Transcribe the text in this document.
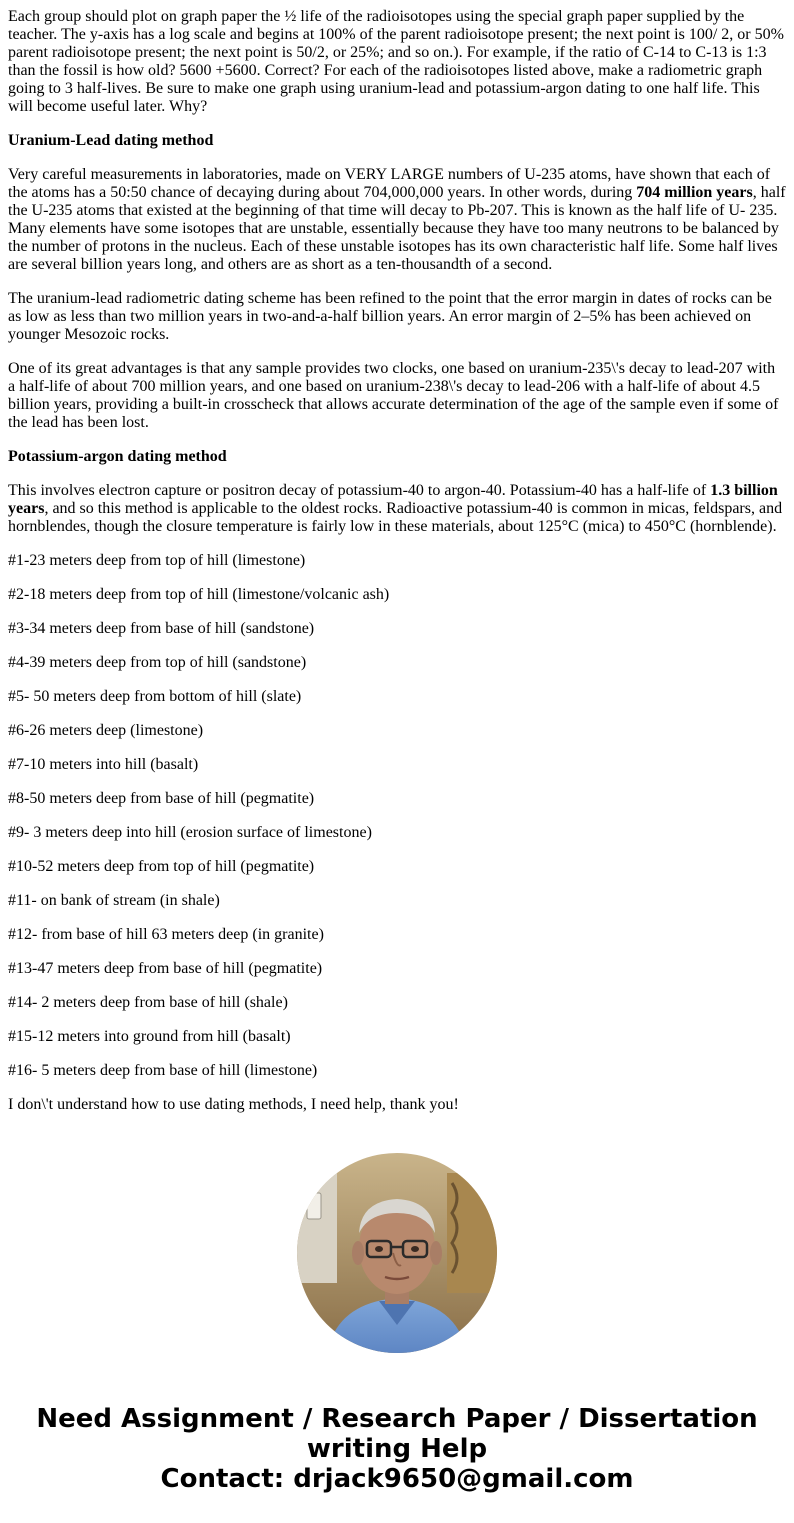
Each group should plot on graph paper the ½ life of the radioisotopes using the special graph paper supplied by the teacher. The y-axis has a log scale and begins at 100% of the parent radioisotope present; the next point is 100/ 2, or 50% parent radioisotope present; the next point is 50/2, or 25%; and so on.). For example, if the ratio of C-14 to C-13 is 1:3 than the fossil is how old? 5600 +5600. Correct? For each of the radioisotopes listed above, make a radiometric graph going to 3 half-lives. Be sure to make one graph using uranium-lead and potassium-argon dating to one half life. This will become useful later. Why?

Uranium-Lead dating method

Very careful measurements in laboratories, made on VERY LARGE numbers of U-235 atoms, have shown that each of the atoms has a 50:50 chance of decaying during about 704,000,000 years. In other words, during 704 million years, half the U-235 atoms that existed at the beginning of that time will decay to Pb-207. This is known as the half life of U- 235. Many elements have some isotopes that are unstable, essentially because they have too many neutrons to be balanced by the number of protons in the nucleus. Each of these unstable isotopes has its own characteristic half life. Some half lives are several billion years long, and others are as short as a ten-thousandth of a second.

The uranium-lead radiometric dating scheme has been refined to the point that the error margin in dates of rocks can be as low as less than two million years in two-and-a-half billion years. An error margin of 2–5% has been achieved on younger Mesozoic rocks.

One of its great advantages is that any sample provides two clocks, one based on uranium-235\'s decay to lead-207 with a half-life of about 700 million years, and one based on uranium-238\'s decay to lead-206 with a half-life of about 4.5 billion years, providing a built-in crosscheck that allows accurate determination of the age of the sample even if some of the lead has been lost.

Potassium-argon dating method

This involves electron capture or positron decay of potassium-40 to argon-40. Potassium-40 has a half-life of 1.3 billion years, and so this method is applicable to the oldest rocks. Radioactive potassium-40 is common in micas, feldspars, and hornblendes, though the closure temperature is fairly low in these materials, about 125°C (mica) to 450°C (hornblende).

#1-23 meters deep from top of hill (limestone)

#2-18 meters deep from top of hill (limestone/volcanic ash)

#3-34 meters deep from base of hill (sandstone)

#4-39 meters deep from top of hill (sandstone)

#5- 50 meters deep from bottom of hill (slate)

#6-26 meters deep (limestone)

#7-10 meters into hill (basalt)

#8-50 meters deep from base of hill (pegmatite)

#9- 3 meters deep into hill (erosion surface of limestone)

#10-52 meters deep from top of hill (pegmatite)

#11- on bank of stream (in shale)

#12- from base of hill 63 meters deep (in granite)

#13-47 meters deep from base of hill (pegmatite)

#14- 2 meters deep from base of hill (shale)

#15-12 meters into ground from hill (basalt)

#16- 5 meters deep from base of hill (limestone)

I don\'t understand how to use dating methods, I need help, thank you!

Need Assignment / Research Paper / Dissertation
writing Help
Contact: drjack9650@gmail.com
